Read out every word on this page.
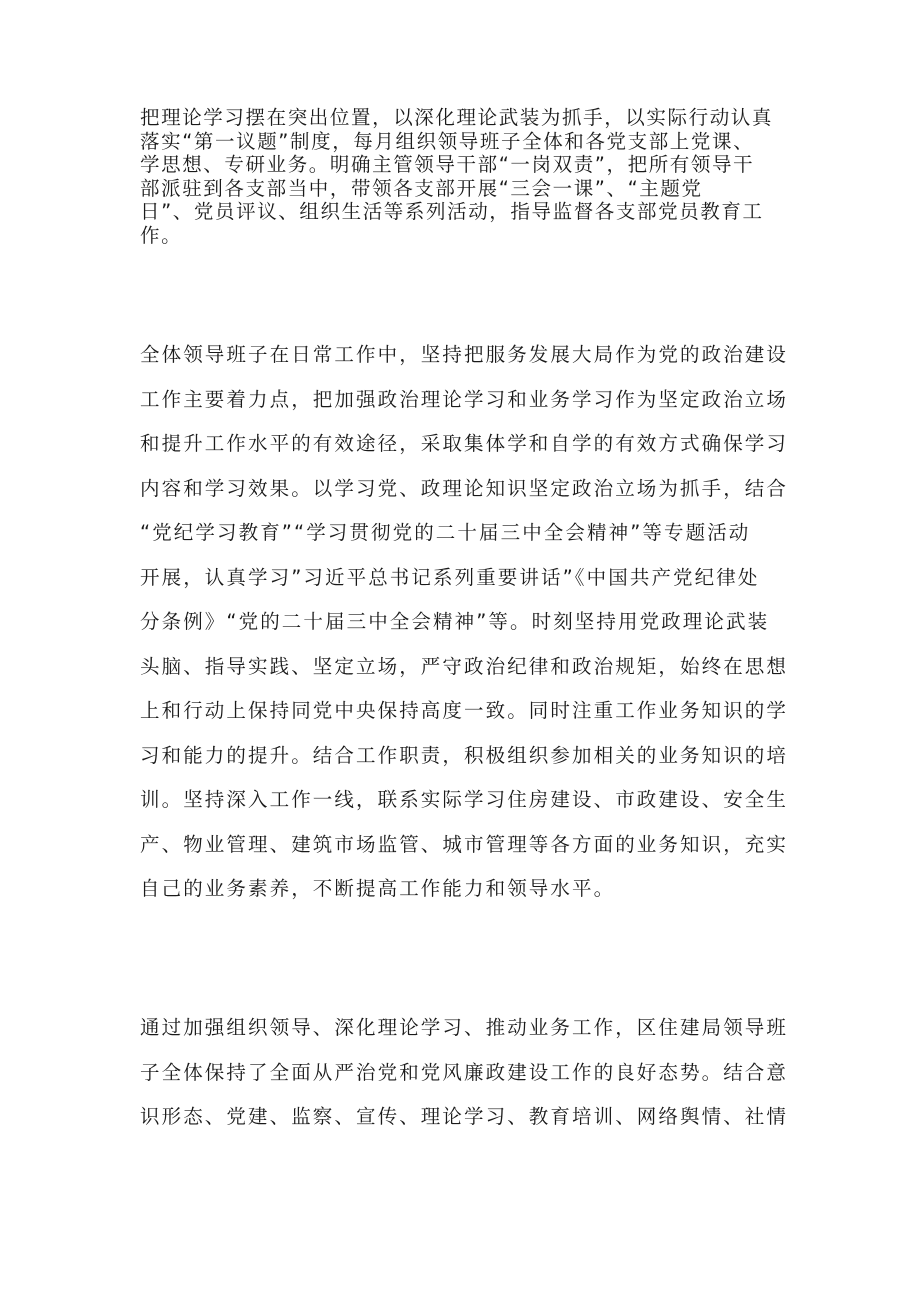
把理论学习摆在突出位置，以深化理论武装为抓手，以实际行动认真
落实“第一议题”制度，每月组织领导班子全体和各党支部上党课、
学思想、专研业务。明确主管领导干部“一岗双责”，把所有领导干
部派驻到各支部当中，带领各支部开展“三会一课”、“主题党
日”、党员评议、组织生活等系列活动，指导监督各支部党员教育工
作。

全体领导班子在日常工作中，坚持把服务发展大局作为党的政治建设
工作主要着力点，把加强政治理论学习和业务学习作为坚定政治立场
和提升工作水平的有效途径，采取集体学和自学的有效方式确保学习
内容和学习效果。以学习党、政理论知识坚定政治立场为抓手，结合
“党纪学习教育”“学习贯彻党的二十届三中全会精神”等专题活动
开展，认真学习”习近平总书记系列重要讲话”《中国共产党纪律处
分条例》“党的二十届三中全会精神”等。时刻坚持用党政理论武装
头脑、指导实践、坚定立场，严守政治纪律和政治规矩，始终在思想
上和行动上保持同党中央保持高度一致。同时注重工作业务知识的学
习和能力的提升。结合工作职责，积极组织参加相关的业务知识的培
训。坚持深入工作一线，联系实际学习住房建设、市政建设、安全生
产、物业管理、建筑市场监管、城市管理等各方面的业务知识，充实
自己的业务素养，不断提高工作能力和领导水平。

通过加强组织领导、深化理论学习、推动业务工作，区住建局领导班
子全体保持了全面从严治党和党风廉政建设工作的良好态势。结合意
识形态、党建、监察、宣传、理论学习、教育培训、网络舆情、社情
